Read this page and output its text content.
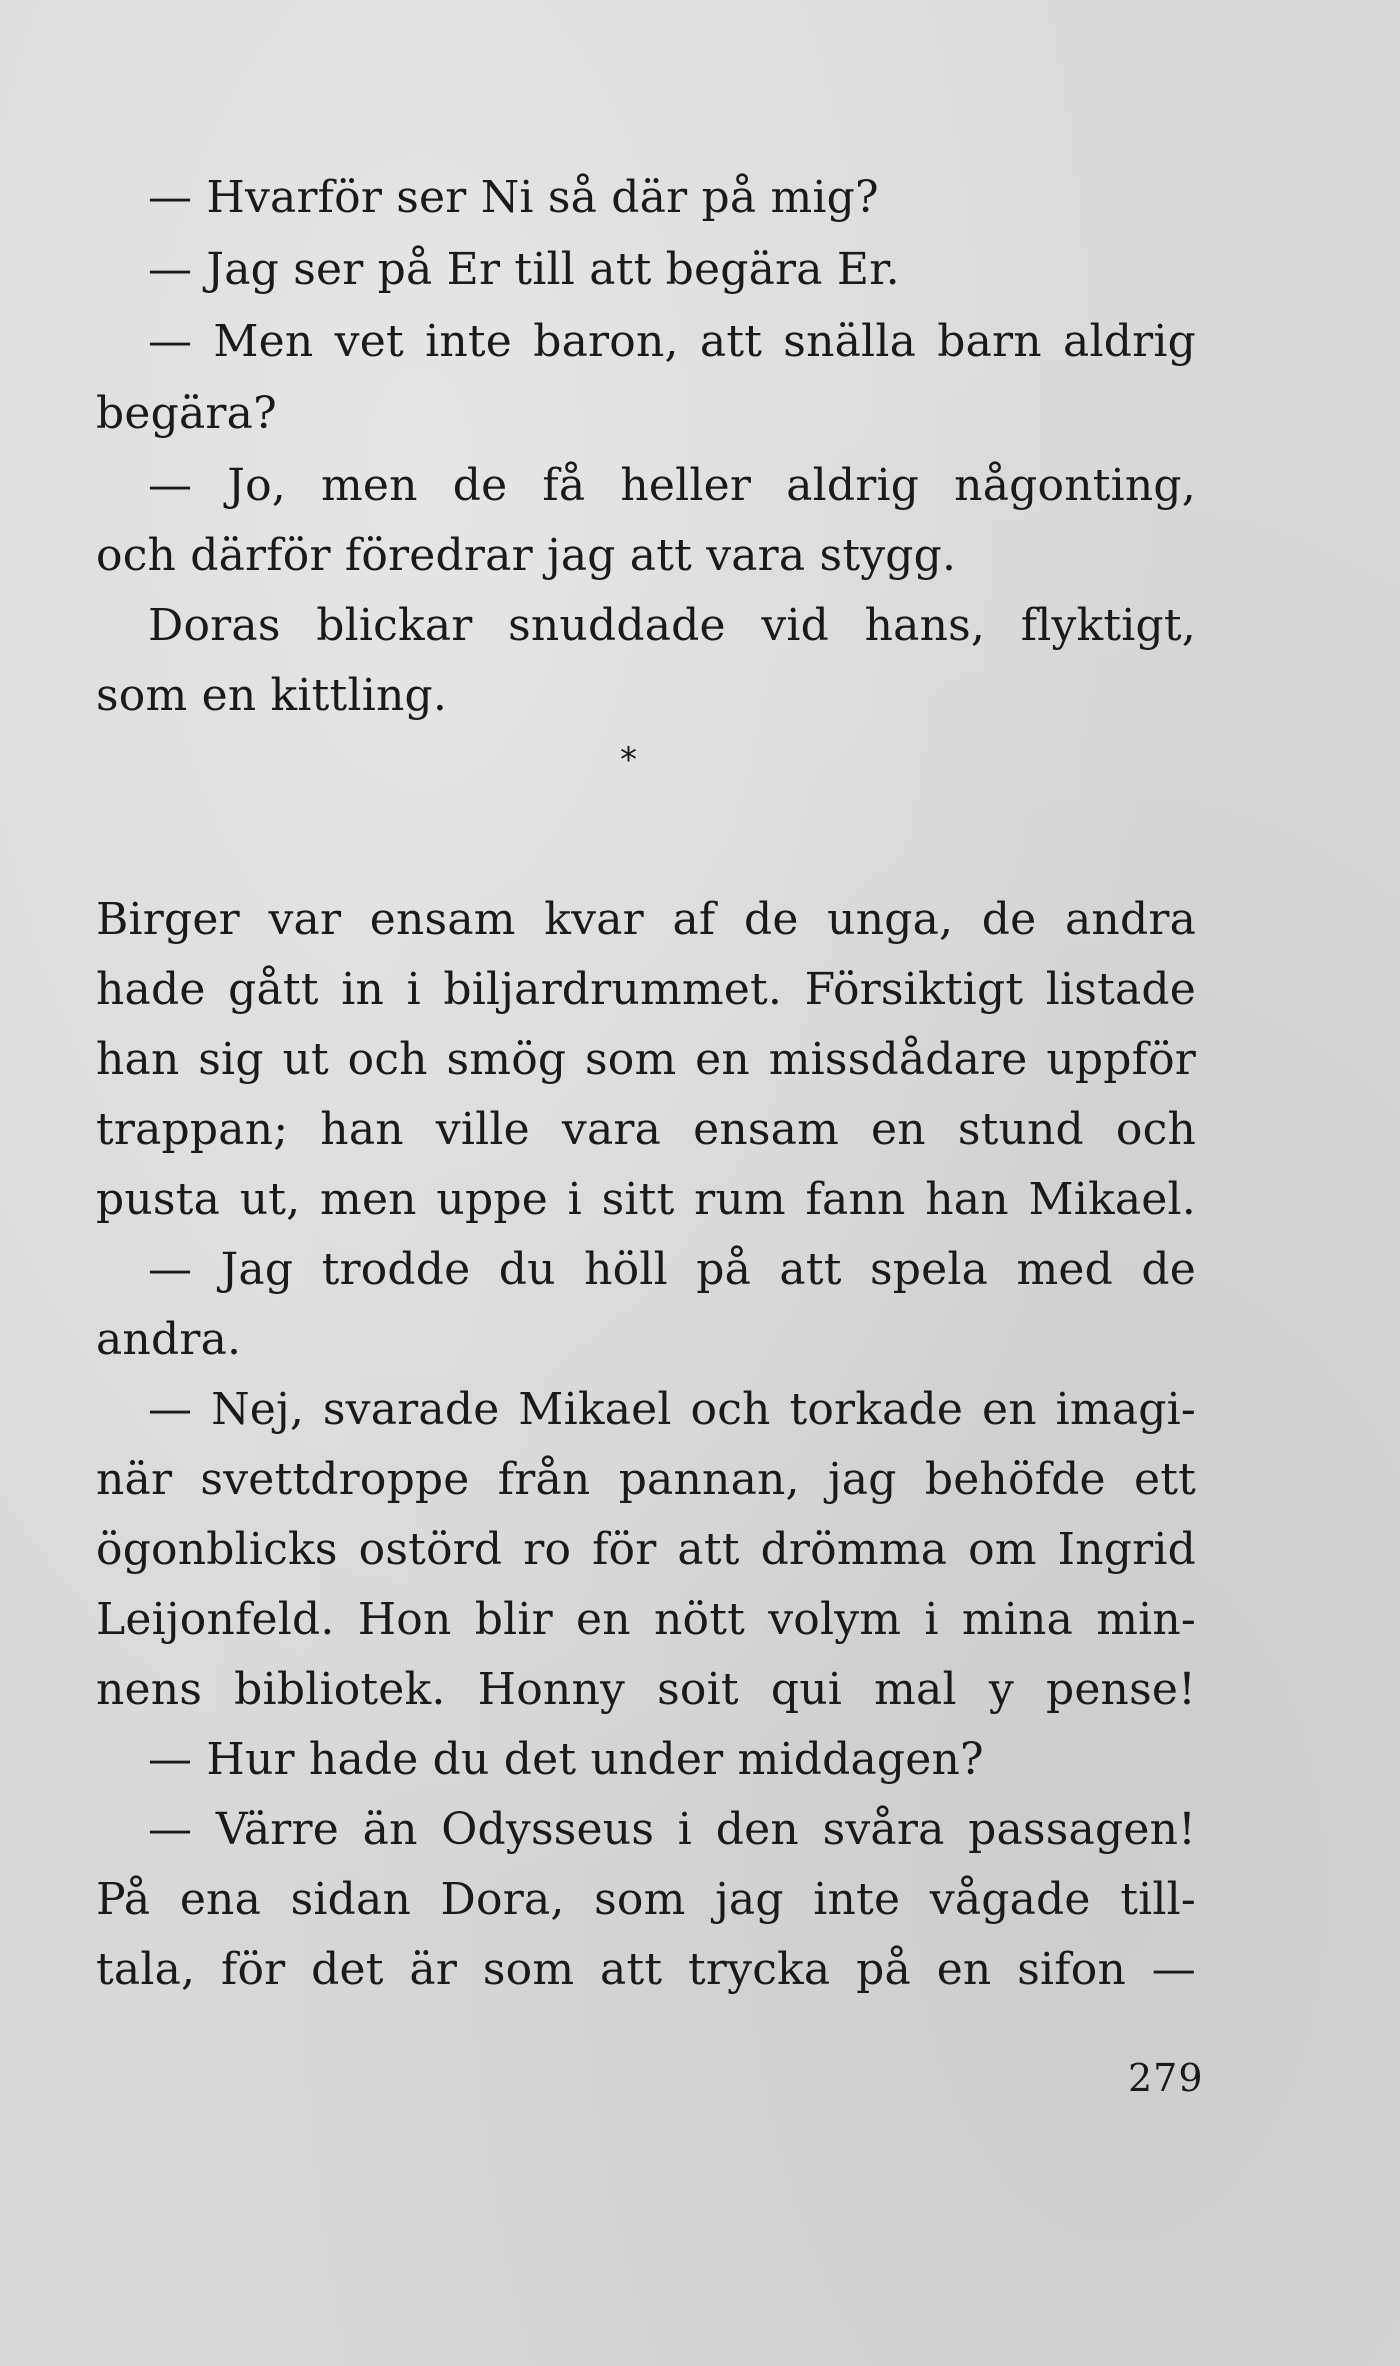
— Hvarför ser Ni så där på mig?
— Jag ser på Er till att begära Er.
— Men vet inte baron, att snälla barn aldrig
begära?
— Jo, men de få heller aldrig någonting,
och därför föredrar jag att vara stygg.
Doras blickar snuddade vid hans, flyktigt,
som en kittling.
Birger var ensam kvar af de unga, de andra
hade gått in i biljardrummet. Försiktigt listade
han sig ut och smög som en missdådare uppför
trappan; han ville vara ensam en stund och
pusta ut, men uppe i sitt rum fann han Mikael.
— Jag trodde du höll på att spela med de
andra.
— Nej, svarade Mikael och torkade en imagi-
när svettdroppe från pannan, jag behöfde ett
ögonblicks ostörd ro för att drömma om Ingrid
Leijonfeld. Hon blir en nött volym i mina min-
nens bibliotek. Honny soit qui mal y pense!
— Hur hade du det under middagen?
— Värre än Odysseus i den svåra passagen!
På ena sidan Dora, som jag inte vågade till-
tala, för det är som att trycka på en sifon —
*
279
